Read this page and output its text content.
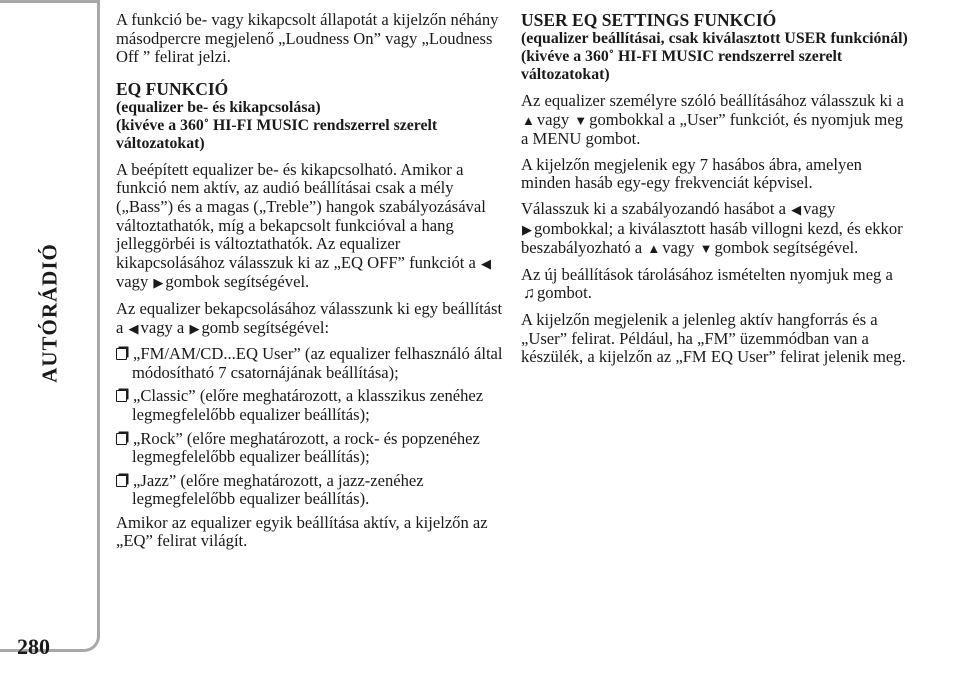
AUTÓRÁDIÓ
280

A funkció be- vagy kikapcsolt állapotát a kijelzőn néhány másodpercre megjelenő „Loudness On” vagy „Loudness Off ” felirat jelzi.

EQ FUNKCIÓ
(equalizer be- és kikapcsolása)
(kivéve a 360˚ HI-FI MUSIC rendszerrel szerelt változatokat)

A beépített equalizer be- és kikapcsolható. Amikor a funkció nem aktív, az audió beállításai csak a mély („Bass”) és a magas („Treble”) hangok szabályozásával változtathatók, míg a bekapcsolt funkcióval a hang jelleggörbéi is változtathatók. Az equalizer kikapcsolásához válasszuk ki az „EQ OFF” funkciót a ◀vagy ▶ gombok segítségével.

Az equalizer bekapcsolásához válasszunk ki egy beállítást a ◀ vagy a ▶ gomb segítségével:

„FM/AM/CD...EQ User” (az equalizer felhasználó által módosítható 7 csatornájának beállítása);

„Classic” (előre meghatározott, a klasszikus zenéhez legmegfelelőbb equalizer beállítás);

„Rock” (előre meghatározott, a rock- és popzenéhez legmegfelelőbb equalizer beállítás);

„Jazz” (előre meghatározott, a jazz-zenéhez legmegfelelőbb equalizer beállítás).

Amikor az equalizer egyik beállítása aktív, a kijelzőn az „EQ” felirat világít.

USER EQ SETTINGS FUNKCIÓ
(equalizer beállításai, csak kiválasztott USER funkciónál)
(kivéve a 360˚ HI-FI MUSIC rendszerrel szerelt változatokat)

Az equalizer személyre szóló beállításához válasszuk ki a ▲ vagy ▼ gombokkal a „User” funkciót, és nyomjuk meg a MENU gombot.

A kijelzőn megjelenik egy 7 hasábos ábra, amelyen minden hasáb egy-egy frekvenciát képvisel.

Válasszuk ki a szabályozandó hasábot a ◀ vagy
▶ gombokkal; a kiválasztott hasáb villogni kezd, és ekkor beszabályozható a ▲ vagy ▼ gombok segítségével.

Az új beállítások tárolásához ismételten nyomjuk meg a ♫ gombot.

A kijelzőn megjelenik a jelenleg aktív hangforrás és a „User” felirat. Például, ha „FM” üzemmódban van a készülék, a kijelzőn az „FM EQ User” felirat jelenik meg.
